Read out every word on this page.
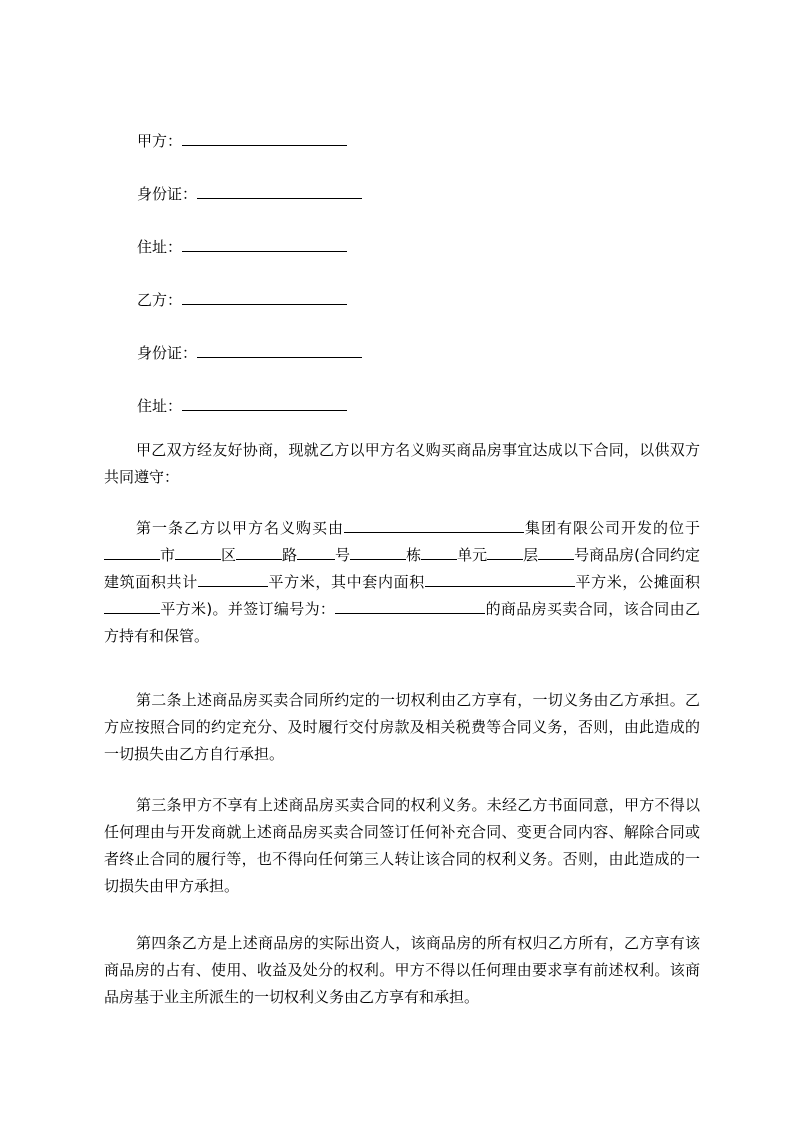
甲方：
身份证：
住址：
乙方：
身份证：
住址：

甲乙双方经友好协商，现就乙方以甲方名义购买商品房事宜达成以下合同，以供双方共同遵守：

第一条乙方以甲方名义购买由	集团有限公司开发的位于市	区	路	号	栋 单元 层 号商品房(合同约定建筑面积共计	平方米，其中套内面积	平方米，公摊面积平方米)。并签订编号为：	的商品房买卖合同，该合同由乙方持有和保管。

第二条上述商品房买卖合同所约定的一切权利由乙方享有，一切义务由乙方承担。乙方应按照合同的约定充分、及时履行交付房款及相关税费等合同义务，否则，由此造成的一切损失由乙方自行承担。

第三条甲方不享有上述商品房买卖合同的权利义务。未经乙方书面同意，甲方不得以任何理由与开发商就上述商品房买卖合同签订任何补充合同、变更合同内容、解除合同或者终止合同的履行等，也不得向任何第三人转让该合同的权利义务。否则，由此造成的一切损失由甲方承担。

第四条乙方是上述商品房的实际出资人，该商品房的所有权归乙方所有，乙方享有该商品房的占有、使用、收益及处分的权利。甲方不得以任何理由要求享有前述权利。该商品房基于业主所派生的一切权利义务由乙方享有和承担。
